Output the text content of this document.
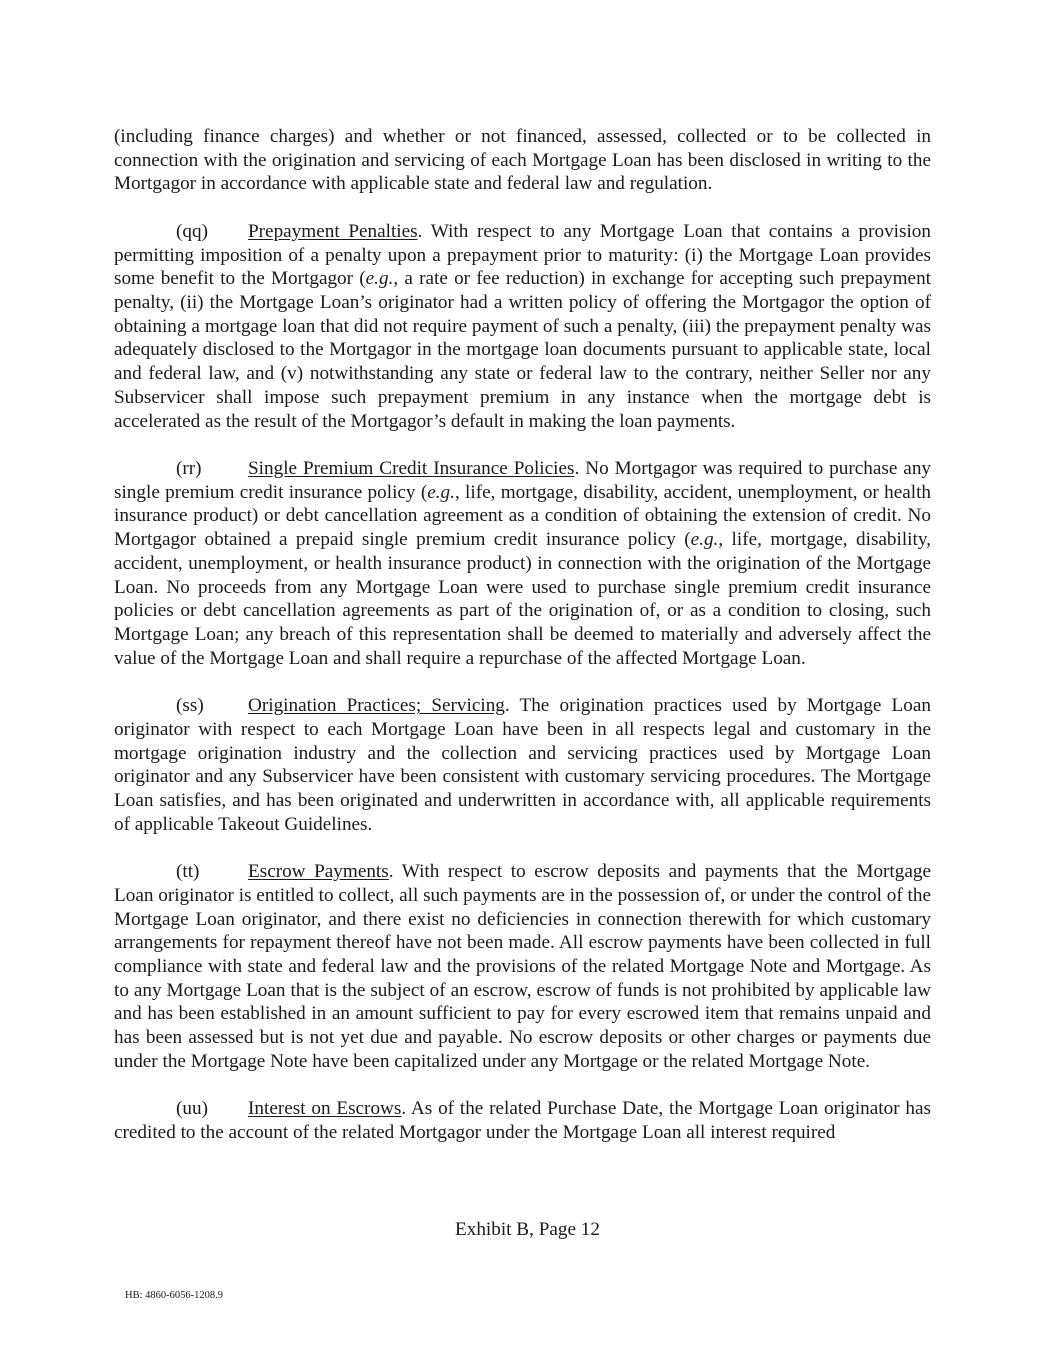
(including finance charges) and whether or not financed, assessed, collected or to be collected in connection with the origination and servicing of each Mortgage Loan has been disclosed in writing to the Mortgagor in accordance with applicable state and federal law and regulation.

(qq) Prepayment Penalties. With respect to any Mortgage Loan that contains a provision permitting imposition of a penalty upon a prepayment prior to maturity: (i) the Mortgage Loan provides some benefit to the Mortgagor (e.g., a rate or fee reduction) in exchange for accepting such prepayment penalty, (ii) the Mortgage Loan’s originator had a written policy of offering the Mortgagor the option of obtaining a mortgage loan that did not require payment of such a penalty, (iii) the prepayment penalty was adequately disclosed to the Mortgagor in the mortgage loan documents pursuant to applicable state, local and federal law, and (v) notwithstanding any state or federal law to the contrary, neither Seller nor any Subservicer shall impose such prepayment premium in any instance when the mortgage debt is accelerated as the result of the Mortgagor’s default in making the loan payments.

(rr) Single Premium Credit Insurance Policies. No Mortgagor was required to purchase any single premium credit insurance policy (e.g., life, mortgage, disability, accident, unemployment, or health insurance product) or debt cancellation agreement as a condition of obtaining the extension of credit. No Mortgagor obtained a prepaid single premium credit insurance policy (e.g., life, mortgage, disability, accident, unemployment, or health insurance product) in connection with the origination of the Mortgage Loan. No proceeds from any Mortgage Loan were used to purchase single premium credit insurance policies or debt cancellation agreements as part of the origination of, or as a condition to closing, such Mortgage Loan; any breach of this representation shall be deemed to materially and adversely affect the value of the Mortgage Loan and shall require a repurchase of the affected Mortgage Loan.

(ss) Origination Practices; Servicing. The origination practices used by Mortgage Loan originator with respect to each Mortgage Loan have been in all respects legal and customary in the mortgage origination industry and the collection and servicing practices used by Mortgage Loan originator and any Subservicer have been consistent with customary servicing procedures. The Mortgage Loan satisfies, and has been originated and underwritten in accordance with, all applicable requirements of applicable Takeout Guidelines.

(tt)	Escrow Payments. With respect to escrow deposits and payments that the Mortgage Loan originator is entitled to collect, all such payments are in the possession of, or under the control of the Mortgage Loan originator, and there exist no deficiencies in connection therewith for which customary arrangements for repayment thereof have not been made. All escrow payments have been collected in full compliance with state and federal law and the provisions of the related Mortgage Note and Mortgage. As to any Mortgage Loan that is the subject of an escrow, escrow of funds is not prohibited by applicable law and has been established in an amount sufficient to pay for every escrowed item that remains unpaid and has been assessed but is not yet due and payable. No escrow deposits or other charges or payments due under the Mortgage Note have been capitalized under any Mortgage or the related Mortgage Note.

(uu) Interest on Escrows. As of the related Purchase Date, the Mortgage Loan originator has credited to the account of the related Mortgagor under the Mortgage Loan all interest required

Exhibit B, Page 12
HB: 4860-6056-1208.9
